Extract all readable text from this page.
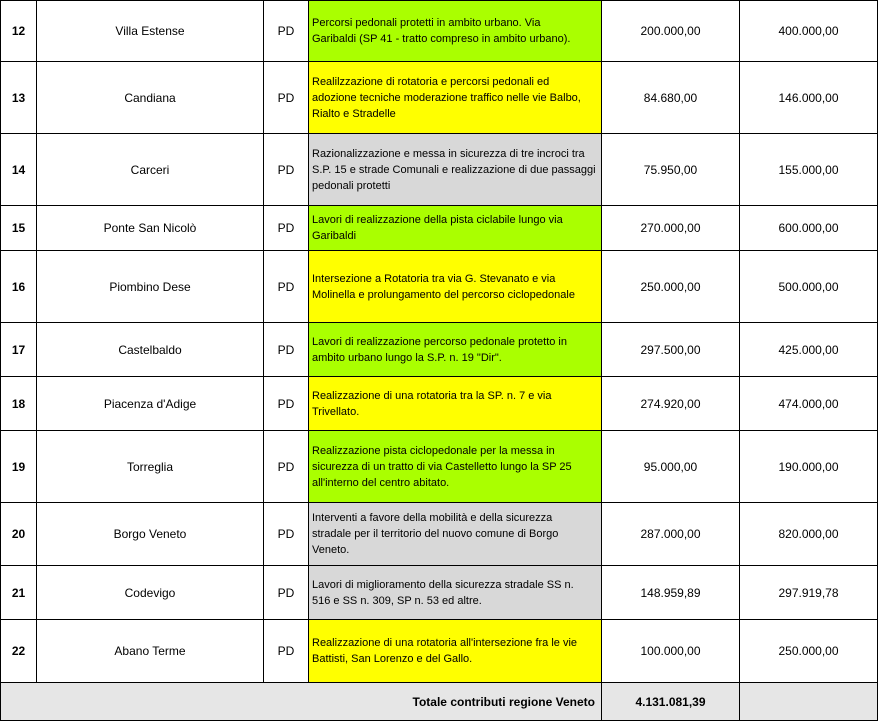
12	Villa Estense	PD	Percorsi pedonali protetti in ambito urbano. Via
Garibaldi (SP 41 - tratto compreso in ambito urbano).	200.000,00	400.000,00
13	Candiana	PD	Realilzzazione di rotatoria e percorsi pedonali ed
adozione tecniche moderazione traffico nelle vie Balbo,
Rialto e Stradelle	84.680,00	146.000,00
14	Carceri	PD	Razionalizzazione e messa in sicurezza di tre incroci tra
S.P. 15 e strade Comunali e realizzazione di due passaggi
pedonali protetti	75.950,00	155.000,00
15	Ponte San Nicolò	PD	Lavori di realizzazione della pista ciclabile lungo via
Garibaldi	270.000,00	600.000,00
16	Piombino Dese	PD	Intersezione a Rotatoria tra via G. Stevanato e via
Molinella e prolungamento del percorso ciclopedonale	250.000,00	500.000,00
17	Castelbaldo	PD	Lavori di realizzazione percorso pedonale protetto in
ambito urbano lungo la S.P. n. 19 "Dir".	297.500,00	425.000,00
18	Piacenza d'Adige	PD	Realizzazione di una rotatoria tra la SP. n. 7 e via
Trivellato.	274.920,00	474.000,00
19	Torreglia	PD	Realizzazione pista ciclopedonale per la messa in
sicurezza di un tratto di via Castelletto lungo la SP 25
all'interno del centro abitato.	95.000,00	190.000,00
20	Borgo Veneto	PD	Interventi a favore della mobilità e della sicurezza
stradale per il territorio del nuovo comune di Borgo
Veneto.	287.000,00	820.000,00
21	Codevigo	PD	Lavori di miglioramento della sicurezza stradale SS n.
516 e SS n. 309, SP n. 53 ed altre.	148.959,89	297.919,78
22	Abano Terme	PD	Realizzazione di una rotatoria all'intersezione fra le vie
Battisti, San Lorenzo e del Gallo.	100.000,00	250.000,00
Totale contributi regione Veneto				4.131.081,39	
